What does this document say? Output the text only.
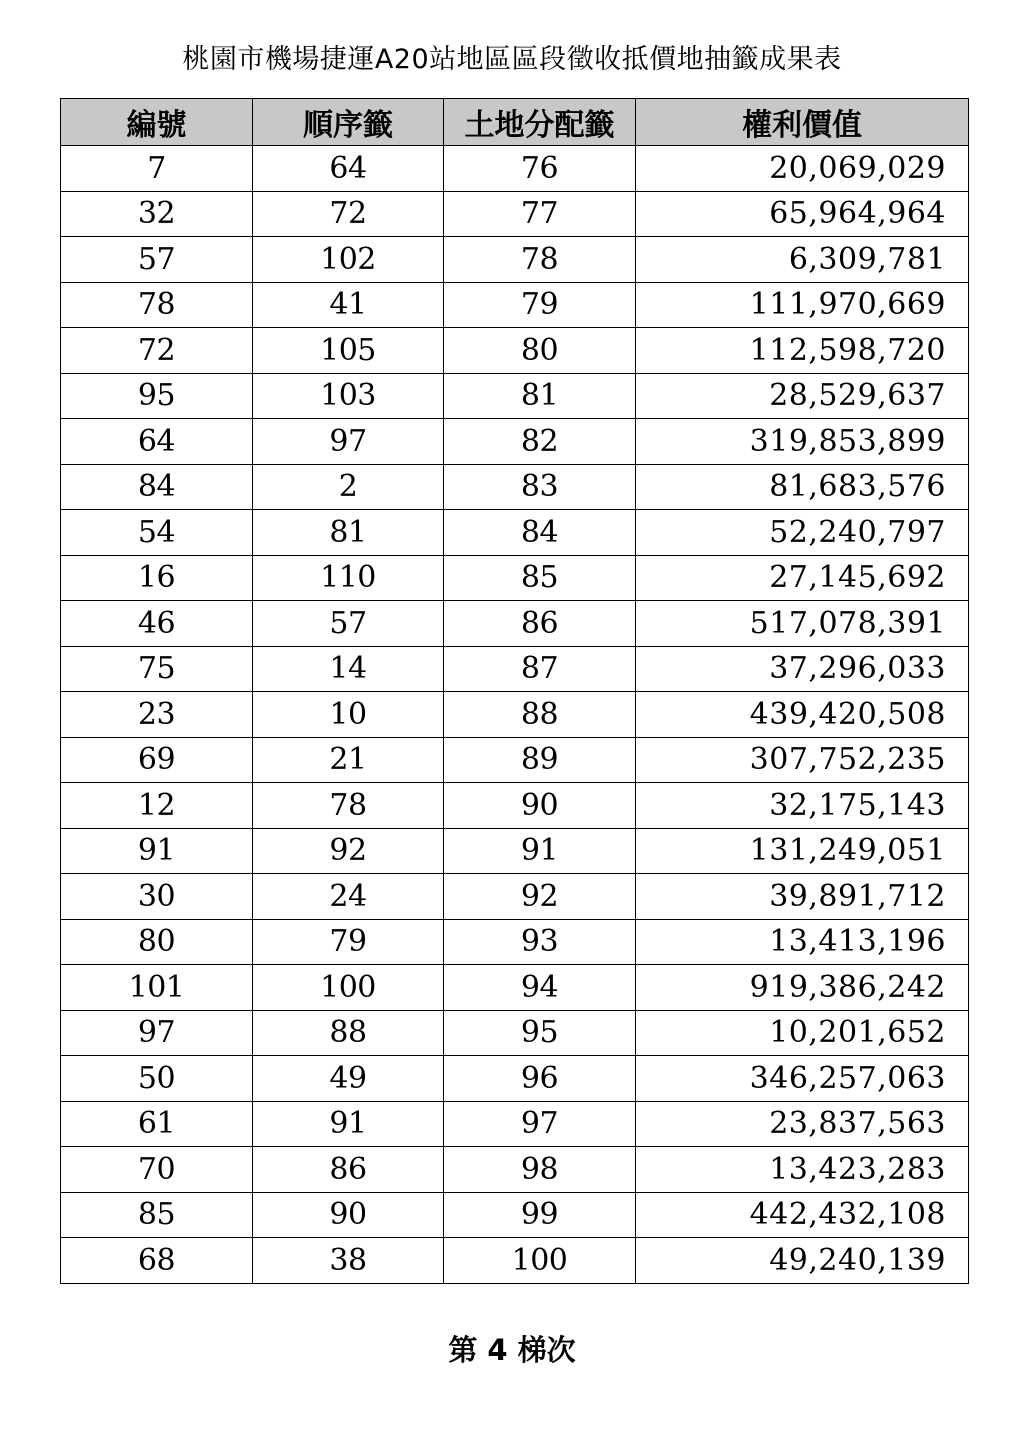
桃園市機場捷運A20站地區區段徵收抵價地抽籤成果表
編號	順序籤	土地分配籤	權利價值
7	64	76	20,069,029
32	72	77	65,964,964
57	102	78	6,309,781
78	41	79	111,970,669
72	105	80	112,598,720
95	103	81	28,529,637
64	97	82	319,853,899
84	2	83	81,683,576
54	81	84	52,240,797
16	110	85	27,145,692
46	57	86	517,078,391
75	14	87	37,296,033
23	10	88	439,420,508
69	21	89	307,752,235
12	78	90	32,175,143
91	92	91	131,249,051
30	24	92	39,891,712
80	79	93	13,413,196
101	100	94	919,386,242
97	88	95	10,201,652
50	49	96	346,257,063
61	91	97	23,837,563
70	86	98	13,423,283
85	90	99	442,432,108
68	38	100	49,240,139
第 4 梯次
